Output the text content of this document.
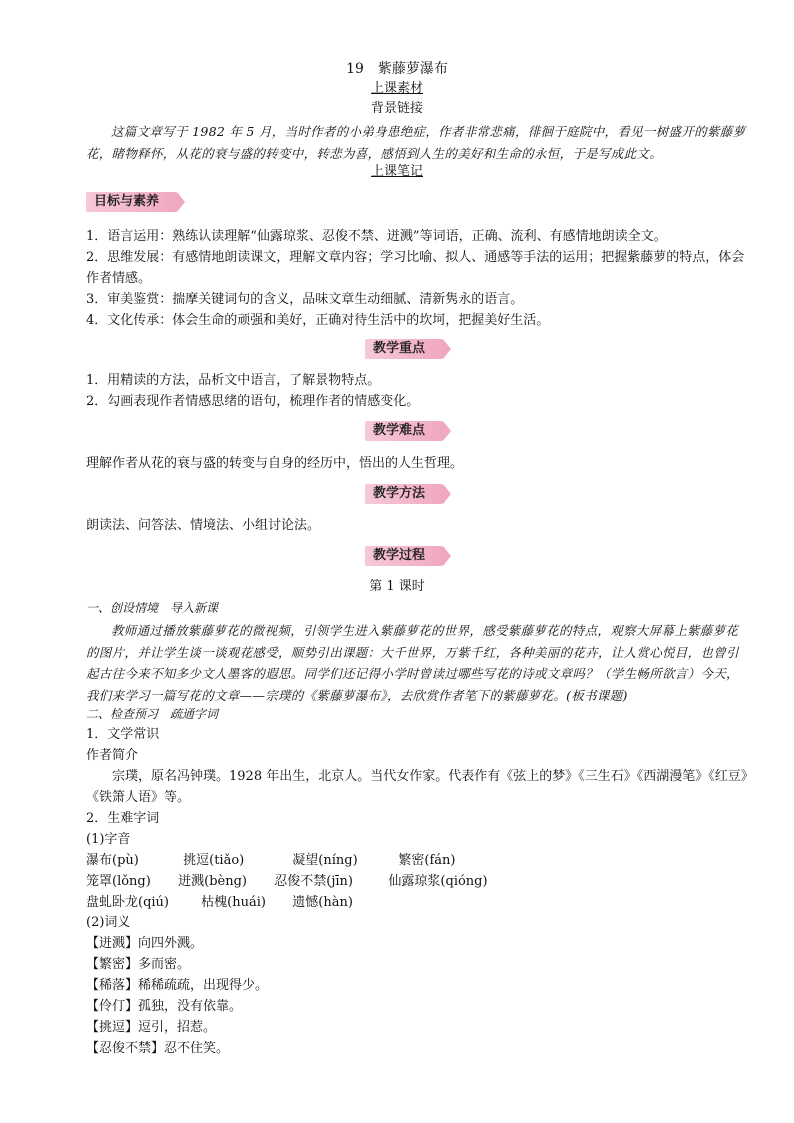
19　紫藤萝瀑布
上课素材
背景链接
这篇文章写于 1982 年 5 月，当时作者的小弟身患绝症，作者非常悲痛，徘徊于庭院中，看见一树盛开的紫藤萝花，睹物释怀，从花的衰与盛的转变中，转悲为喜，感悟到人生的美好和生命的永恒，于是写成此文。
上课笔记
目标与素养
1．语言运用：熟练认读理解“仙露琼浆、忍俊不禁、迸溅”等词语，正确、流利、有感情地朗读全文。
2．思维发展：有感情地朗读课文，理解文章内容；学习比喻、拟人、通感等手法的运用；把握紫藤萝的特点，体会作者情感。
3．审美鉴赏：揣摩关键词句的含义，品味文章生动细腻、清新隽永的语言。
4．文化传承：体会生命的顽强和美好，正确对待生活中的坎坷，把握美好生活。
教学重点
1．用精读的方法，品析文中语言，了解景物特点。
2．勾画表现作者情感思绪的语句，梳理作者的情感变化。
教学难点
理解作者从花的衰与盛的转变与自身的经历中，悟出的人生哲理。
教学方法
朗读法、问答法、情境法、小组讨论法。
教学过程
第 1 课时
一、创设情境　导入新课
教师通过播放紫藤萝花的微视频，引领学生进入紫藤萝花的世界，感受紫藤萝花的特点，观察大屏幕上紫藤萝花的图片，并让学生谈一谈观花感受，顺势引出课题：大千世界，万紫千红，各种美丽的花卉，让人赏心悦目，也曾引起古往今来不知多少文人墨客的遐思。同学们还记得小学时曾读过哪些写花的诗或文章吗？（学生畅所欲言）今天，我们来学习一篇写花的文章——宗璞的《紫藤萝瀑布》，去欣赏作者笔下的紫藤萝花。(板书课题)
二、检查预习　疏通字词
1．文学常识
作者简介
宗璞，原名冯钟璞。1928 年出生，北京人。当代女作家。代表作有《弦上的梦》《三生石》《西湖漫笔》《红豆》《铁箫人语》等。
2．生难字词
(1)字音
瀑布(pù)	挑逗(tiǎo)	凝望(níng)	繁密(fán)
笼罩(lǒng) 迸溅(bèng) 忍俊不禁(jīn)	仙露琼浆(qióng)
盘虬卧龙(qiú) 枯槐(huái) 遗憾(hàn)
(2)词义
【迸溅】向四外溅。
【繁密】多而密。
【稀落】稀稀疏疏，出现得少。
【伶仃】孤独，没有依靠。
【挑逗】逗引，招惹。
【忍俊不禁】忍不住笑。
